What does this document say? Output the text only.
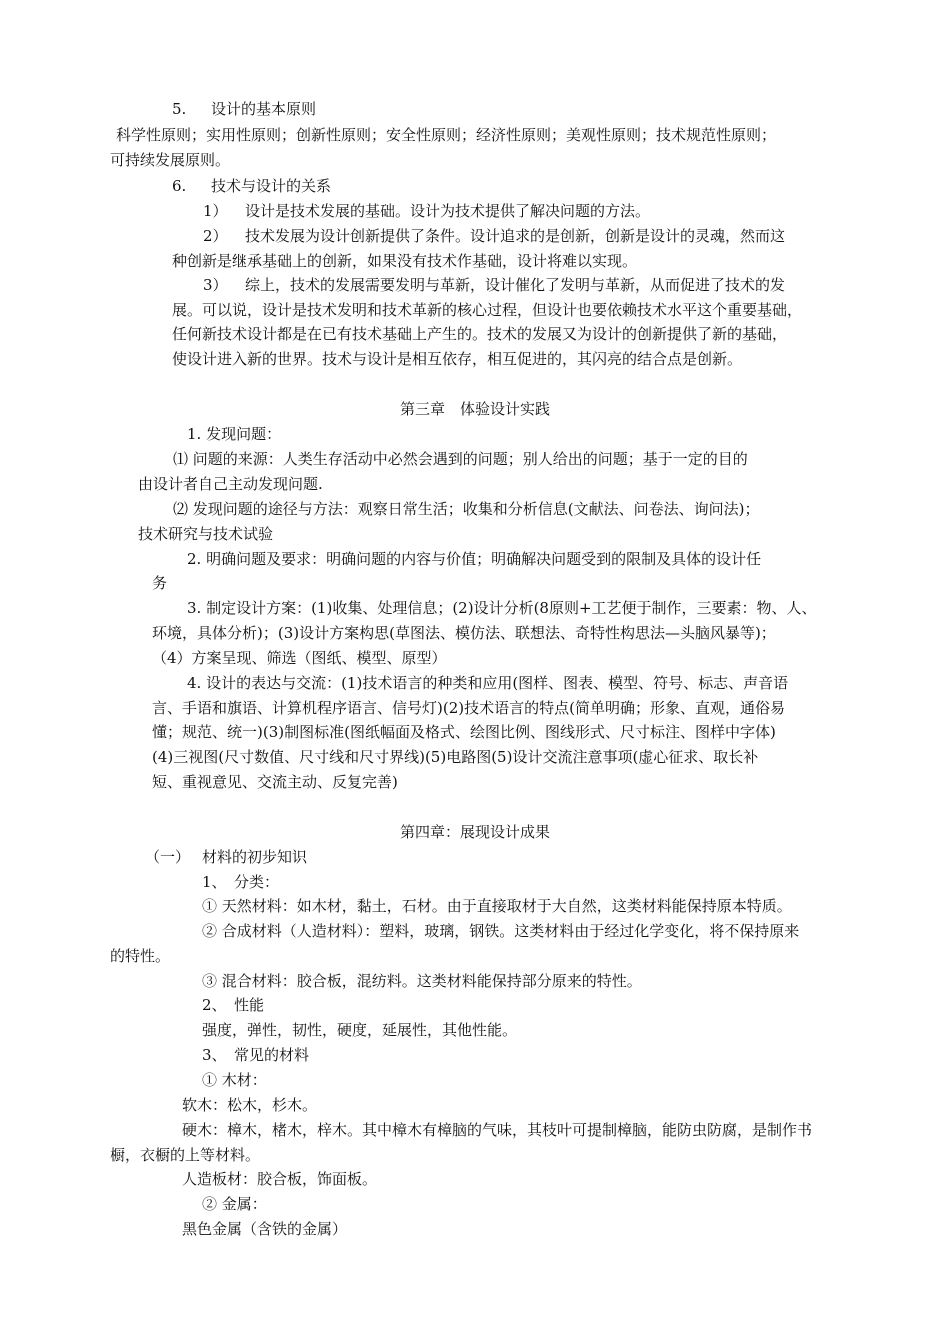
5. 设计的基本原则
科学性原则；实用性原则；创新性原则；安全性原则；经济性原则；美观性原则；技术规范性原则；
可持续发展原则。
6. 技术与设计的关系
1） 设计是技术发展的基础。设计为技术提供了解决问题的方法。
2） 技术发展为设计创新提供了条件。设计追求的是创新，创新是设计的灵魂，然而这
种创新是继承基础上的创新，如果没有技术作基础，设计将难以实现。
3） 综上，技术的发展需要发明与革新，设计催化了发明与革新，从而促进了技术的发
展。可以说，设计是技术发明和技术革新的核心过程，但设计也要依赖技术水平这个重要基础，
任何新技术设计都是在已有技术基础上产生的。技术的发展又为设计的创新提供了新的基础，
使设计进入新的世界。技术与设计是相互依存，相互促进的，其闪亮的结合点是创新。
第三章　体验设计实践
1. 发现问题：
⑴ 问题的来源：人类生存活动中必然会遇到的问题；别人给出的问题；基于一定的目的
由设计者自己主动发现问题.
⑵ 发现问题的途径与方法：观察日常生活；收集和分析信息(文献法、问卷法、询问法)；
技术研究与技术试验
2. 明确问题及要求：明确问题的内容与价值；明确解决问题受到的限制及具体的设计任
务
3. 制定设计方案：(1)收集、处理信息；(2)设计分析(8原则+工艺便于制作，三要素：物、人、
环境，具体分析)；(3)设计方案构思(草图法、模仿法、联想法、奇特性构思法—头脑风暴等)；
（4）方案呈现、筛选（图纸、模型、原型）
4. 设计的表达与交流：(1)技术语言的种类和应用(图样、图表、模型、符号、标志、声音语
言、手语和旗语、计算机程序语言、信号灯)(2)技术语言的特点(简单明确；形象、直观，通俗易
懂；规范、统一)(3)制图标准(图纸幅面及格式、绘图比例、图线形式、尺寸标注、图样中字体)
(4)三视图(尺寸数值、尺寸线和尺寸界线)(5)电路图(5)设计交流注意事项(虚心征求、取长补
短、重视意见、交流主动、反复完善)
第四章：展现设计成果
（一） 材料的初步知识
1、　分类：
① 天然材料：如木材，黏土，石材。由于直接取材于大自然，这类材料能保持原本特质。
② 合成材料（人造材料）：塑料，玻璃，钢铁。这类材料由于经过化学变化，将不保持原来
的特性。
③ 混合材料：胶合板，混纺料。这类材料能保持部分原来的特性。
2、　性能
强度，弹性，韧性，硬度，延展性，其他性能。
3、　常见的材料
① 木材：
软木：松木，杉木。
硬木：樟木，楮木，梓木。其中樟木有樟脑的气味，其枝叶可提制樟脑，能防虫防腐，是制作书
橱，衣橱的上等材料。
人造板材：胶合板，饰面板。
② 金属：
黑色金属（含铁的金属）
